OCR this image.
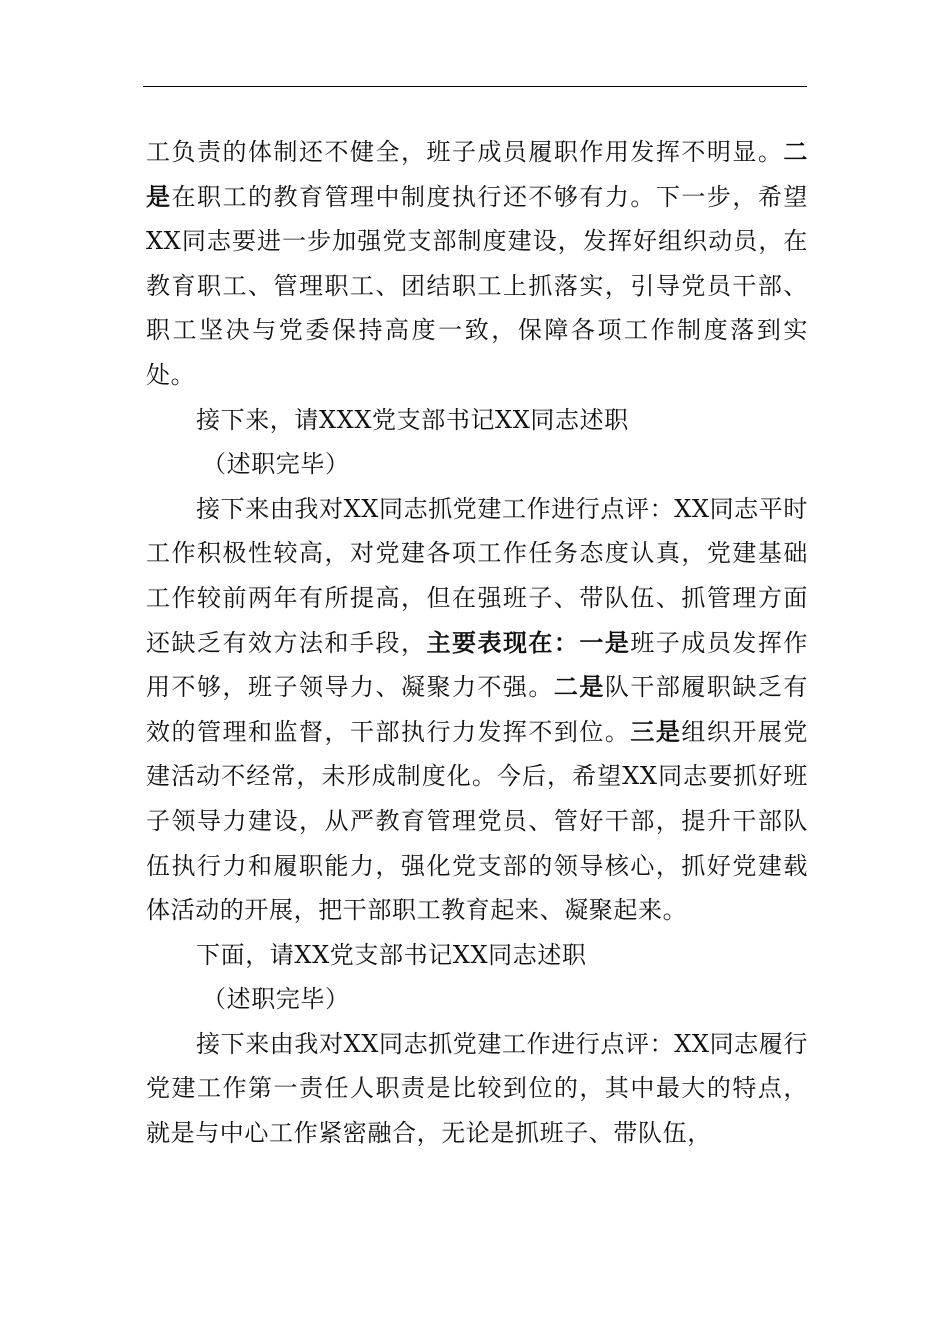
工负责的体制还不健全，班子成员履职作用发挥不明显。二是在职工的教育管理中制度执行还不够有力。下一步，希望XX同志要进一步加强党支部制度建设，发挥好组织动员，在教育职工、管理职工、团结职工上抓落实，引导党员干部、职工坚决与党委保持高度一致，保障各项工作制度落到实处。

接下来，请XXX党支部书记XX同志述职

（述职完毕）

接下来由我对XX同志抓党建工作进行点评：XX同志平时工作积极性较高，对党建各项工作任务态度认真，党建基础工作较前两年有所提高，但在强班子、带队伍、抓管理方面还缺乏有效方法和手段，主要表现在：一是班子成员发挥作用不够，班子领导力、凝聚力不强。二是队干部履职缺乏有效的管理和监督，干部执行力发挥不到位。三是组织开展党建活动不经常，未形成制度化。今后，希望XX同志要抓好班子领导力建设，从严教育管理党员、管好干部，提升干部队伍执行力和履职能力，强化党支部的领导核心，抓好党建载体活动的开展，把干部职工教育起来、凝聚起来。

下面，请XX党支部书记XX同志述职

（述职完毕）

接下来由我对XX同志抓党建工作进行点评：XX同志履行党建工作第一责任人职责是比较到位的，其中最大的特点，就是与中心工作紧密融合，无论是抓班子、带队伍，
